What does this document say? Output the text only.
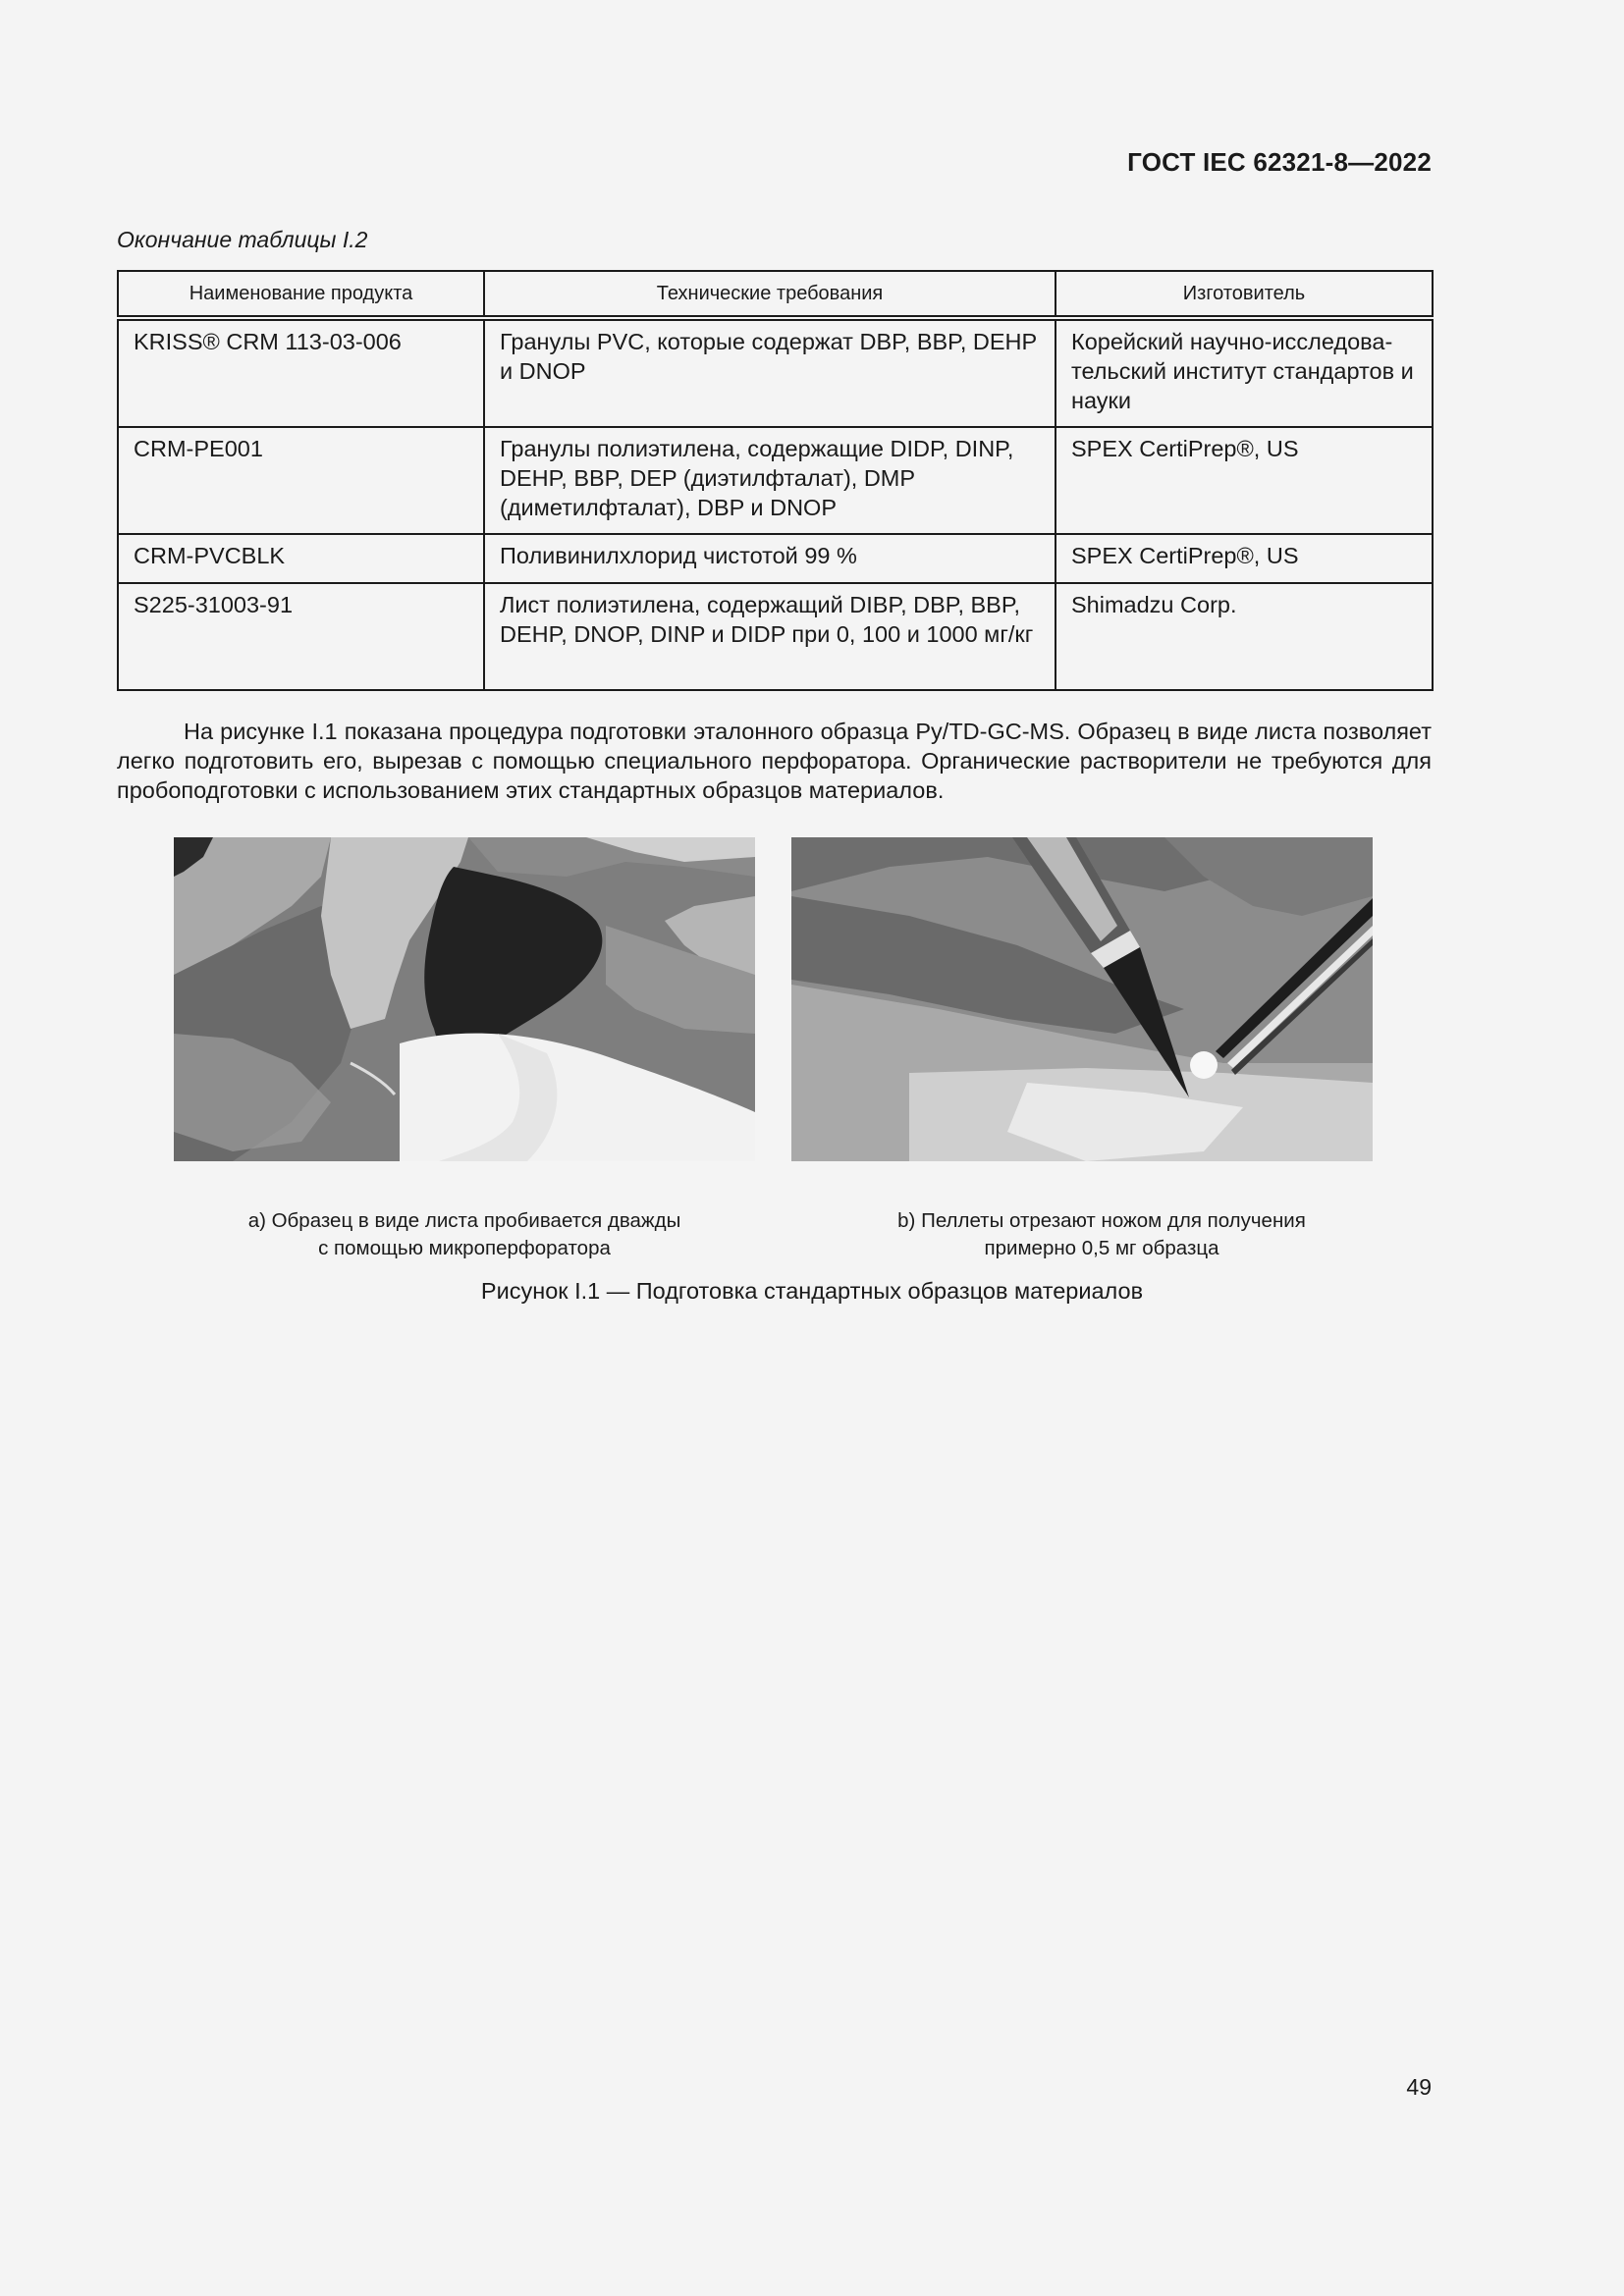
ГОСТ IEC 62321-8—2022
Окончание таблицы I.2
Наименование продукта	Технические требования	Изготовитель
KRISS® CRM 113-03-006	Гранулы PVC, которые содержат DBP, BBP, DEHP и DNOP	Корейский научно-исследова-тельский институт стандартов и науки
CRM-PE001	Гранулы полиэтилена, содержащие DIDP, DINP, DEHP, BBP, DEP (диэтилфталат), DMP (диметилфталат), DBP и DNOP	SPEX CertiPrep®, US
CRM-PVCBLK	Поливинилхлорид чистотой 99 %	SPEX CertiPrep®, US
S225-31003-91	Лист полиэтилена, содержащий DIBP, DBP, BBP, DEHP, DNOP, DINP и DIDP при 0, 100 и 1000 мг/кг	Shimadzu Corp.

На рисунке I.1 показана процедура подготовки эталонного образца Py/TD-GC-MS. Образец в виде листа позволяет легко подготовить его, вырезав с помощью специального перфоратора. Органические растворители не требуются для пробоподготовки с использованием этих стандартных образцов материалов.

a) Образец в виде листа пробивается дважды
с помощью микроперфоратора
b) Пеллеты отрезают ножом для получения
примерно 0,5 мг образца
Рисунок I.1 — Подготовка стандартных образцов материалов
49
